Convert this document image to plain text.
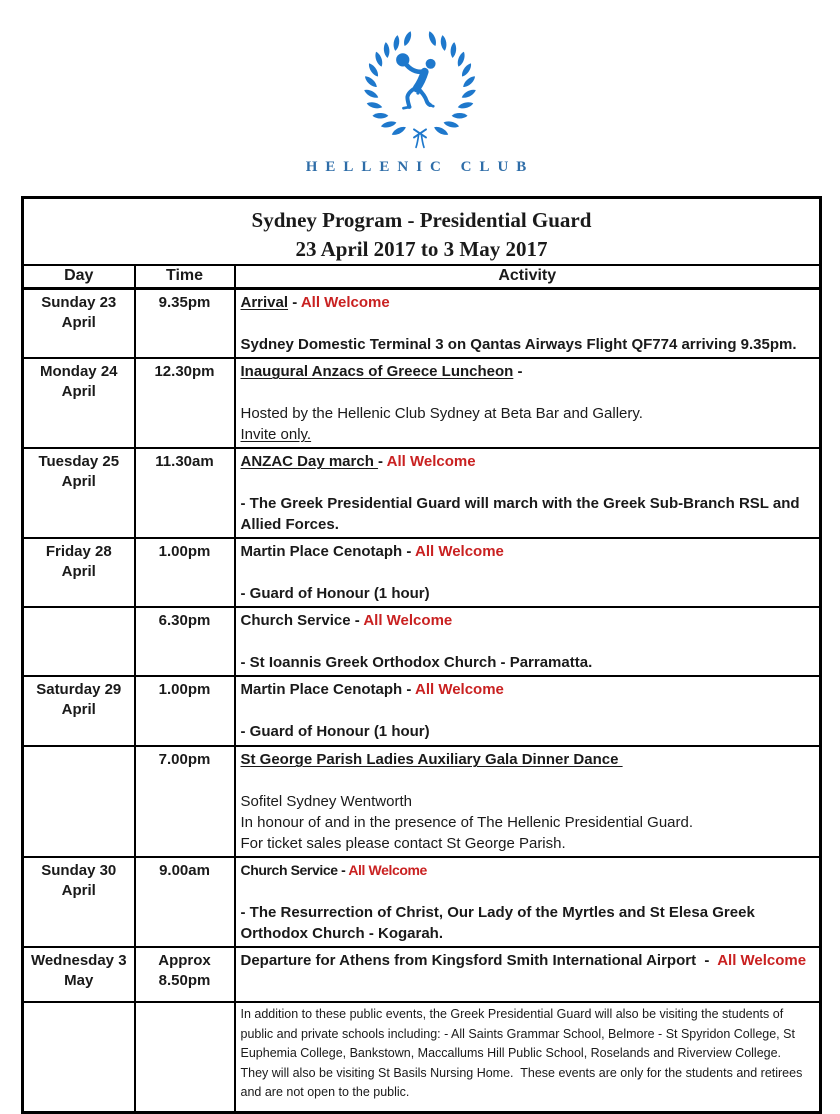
HELLENIC CLUB
Sydney Program - Presidential Guard
23 April 2017 to 3 May 2017		

Day	Time	Activity
Sunday 23 April	9.35pm	Arrival - All Welcome

Sydney Domestic Terminal 3 on Qantas Airways Flight QF774 arriving 9.35pm.

Monday 24 April	12.30pm	Inaugural Anzacs of Greece Luncheon -

Hosted by the Hellenic Club Sydney at Beta Bar and Gallery.
Invite only.

Tuesday 25 April	11.30am	ANZAC Day march - All Welcome

- The Greek Presidential Guard will march with the Greek Sub-Branch RSL and Allied Forces.

Friday 28 April	1.00pm	Martin Place Cenotaph - All Welcome

- Guard of Honour (1 hour)

	6.30pm	Church Service - All Welcome

- St Ioannis Greek Orthodox Church - Parramatta.

Saturday 29 April	1.00pm	Martin Place Cenotaph - All Welcome

- Guard of Honour (1 hour)

	7.00pm	St George Parish Ladies Auxiliary Gala Dinner Dance

Sofitel Sydney Wentworth
In honour of and in the presence of The Hellenic Presidential Guard.
For ticket sales please contact St George Parish.

Sunday 30 April	9.00am	Church Service - All Welcome

- The Resurrection of Christ, Our Lady of the Myrtles and St Elesa Greek Orthodox Church - Kogarah.

Wednesday 3 May	Approx 8.50pm	Departure for Athens from Kingsford Smith International Airport  -  All Welcome

		In addition to these public events, the Greek Presidential Guard will also be visiting the students of public and private schools including: - All Saints Grammar School, Belmore - St Spyridon College, St Euphemia College, Bankstown, Maccallums Hill Public School, Roselands and Riverview College.  They will also be visiting St Basils Nursing Home.  These events are only for the students and retirees and are not open to the public.
